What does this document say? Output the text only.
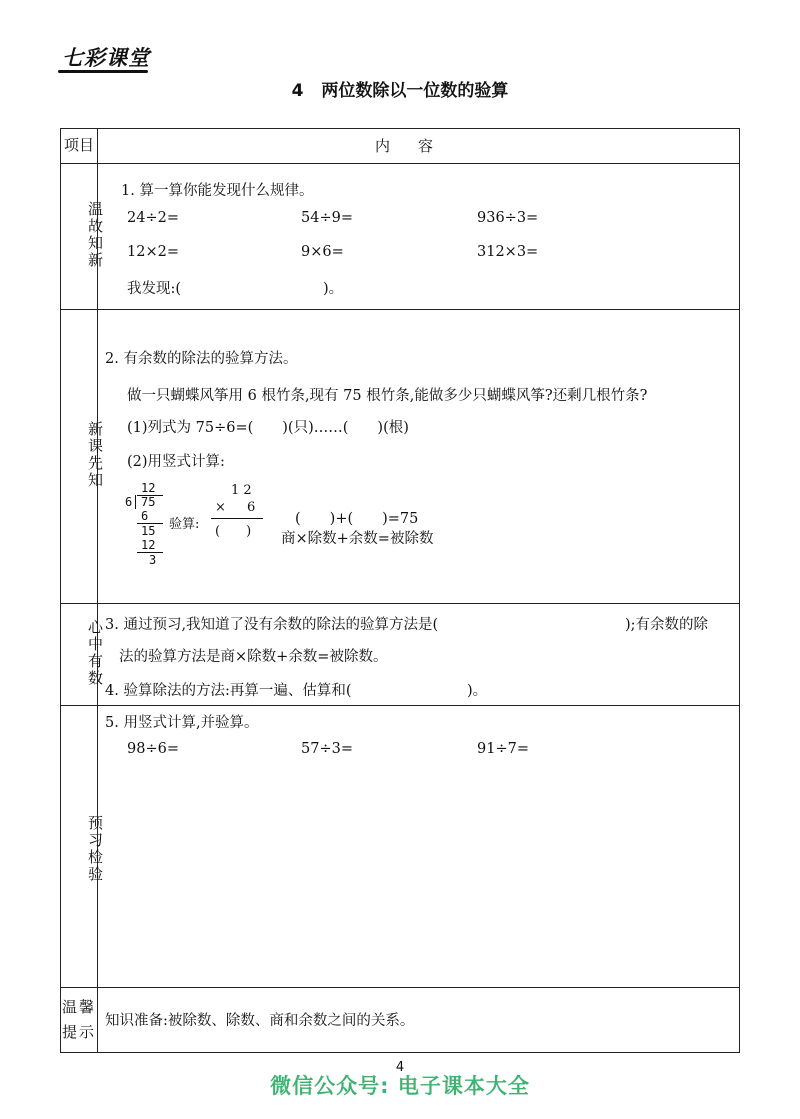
七彩课堂
4 两位数除以一位数的验算
项目	内容
温故知新
1. 算一算你能发现什么规律。
24÷2=	54÷9=	936÷3=
12×2=	9×6=	312×3=
我发现:(	)。
新课先知
2. 有余数的除法的验算方法。
做一只蝴蝶风筝用 6 根竹条,现有 75 根竹条,能做多少只蝴蝶风筝?还剩几根竹条?
(1)列式为 75÷6=(　　)(只)……(　　)(根)
(2)用竖式计算:
12
6 75
6
15
12
3
验算:
1 2
× 6
(　　)
(　　)+(　　)=75
商×除数+余数=被除数
心中有数 3. 通过预习,我知道了没有余数的除法的验算方法是(	);有余数的除
法的验算方法是商×除数+余数=被除数。
4. 验算除法的方法:再算一遍、估算和(	)。
预习检验
5. 用竖式计算,并验算。
98÷6=	57÷3=	91÷7=
温馨提示
知识准备:被除数、除数、商和余数之间的关系。
4
微信公众号: 电子课本大全
